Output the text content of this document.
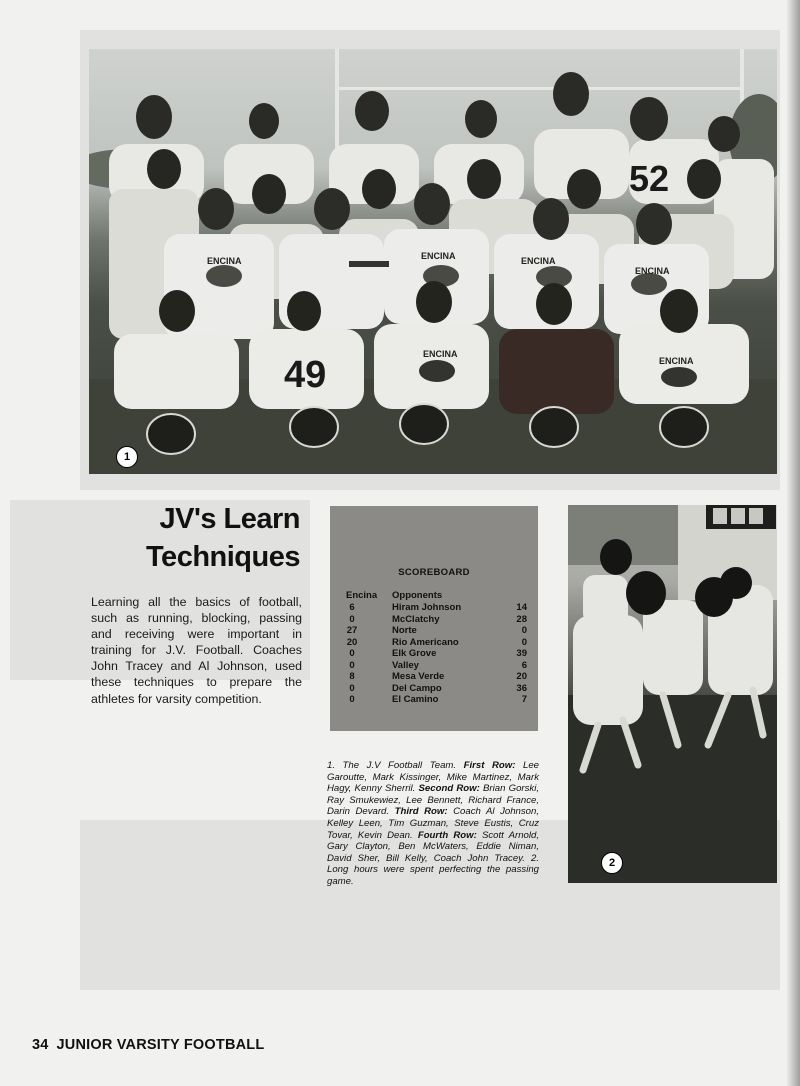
52
49
ENCINA	ENCINA	ENCINA
ENCINA
ENCINA
ENCINA
1
JV's Learn
Techniques
Learning all the basics of football, such as running, blocking, passing and receiving were important in training for J.V. Football. Coaches John Tracey and Al Johnson, used these techniques to prepare the athletes for varsity competition.
SCOREBOARD
Encina Opponents
6	Hiram Johnson	14
0	McClatchy	28
27	Norte	0
20	Rio Americano	0
0	Elk Grove	39
0	Valley	6
8	Mesa Verde	20
0	Del Campo	36
0	El Camino	7
1. The J.V Football Team. First Row: Lee Garoutte, Mark Kissinger, Mike Martinez, Mark Hagy, Kenny Sherril. Second Row: Brian Gorski, Ray Smukewiez, Lee Bennett, Richard France, Darin Devard. Third Row: Coach Al Johnson, Kelley Leen, Tim Guzman, Steve Eustis, Cruz Tovar, Kevin Dean. Fourth Row: Scott Arnold, Gary Clayton, Ben McWaters, Eddie Niman, David Sher, Bill Kelly, Coach John Tracey. 2. Long hours were spent perfecting the passing game.
2
34 JUNIOR VARSITY FOOTBALL
